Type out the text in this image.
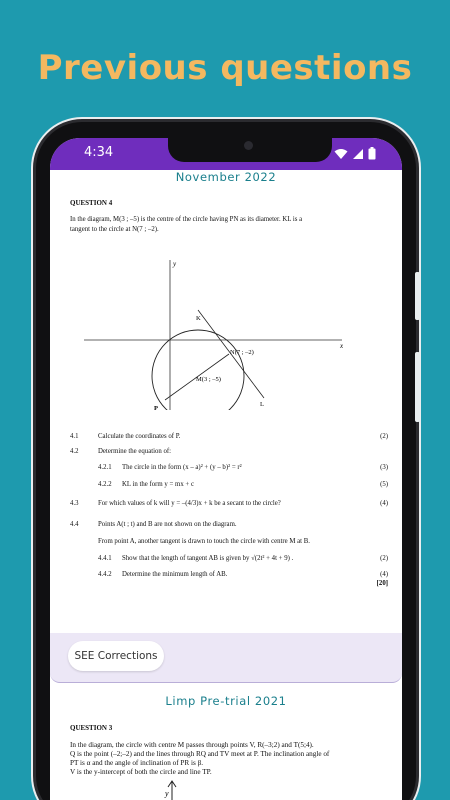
Previous questions
4:34
November 2022
QUESTION 4
In the diagram, M(3 ; –5) is the centre of the circle having PN as its diameter. KL is a
tangent to the circle at N(7 ; –2).
y
x
K
N(7 ; –2)
M(3 ; –5)
L
P
4.1	Calculate the coordinates of P.	(2)
4.2	Determine the equation of:
4.2.1 The circle in the form (x – a)² + (y – b)² = r²	(3)
4.2.2 KL in the form y = mx + c	(5)
4.3	For which values of k will y = –(4/3)x + k be a secant to the circle?	(4)
4.4	Points A(t ; t) and B are not shown on the diagram.
From point A, another tangent is drawn to touch the circle with centre M at B.
4.4.1 Show that the length of tangent AB is given by √(2t² + 4t + 9) .	(2)
4.4.2 Determine the minimum length of AB.	(4)
[20]
SEE Corrections
Limp Pre-trial 2021
QUESTION 3
In the diagram, the circle with centre M passes through points V, R(–3;2) and T(5;4).
Q is the point (–2;–2) and the lines through RQ and TV meet at P. The inclination angle of
PT is α and the angle of inclination of PR is β.
V is the y-intercept of both the circle and line TP.
y
